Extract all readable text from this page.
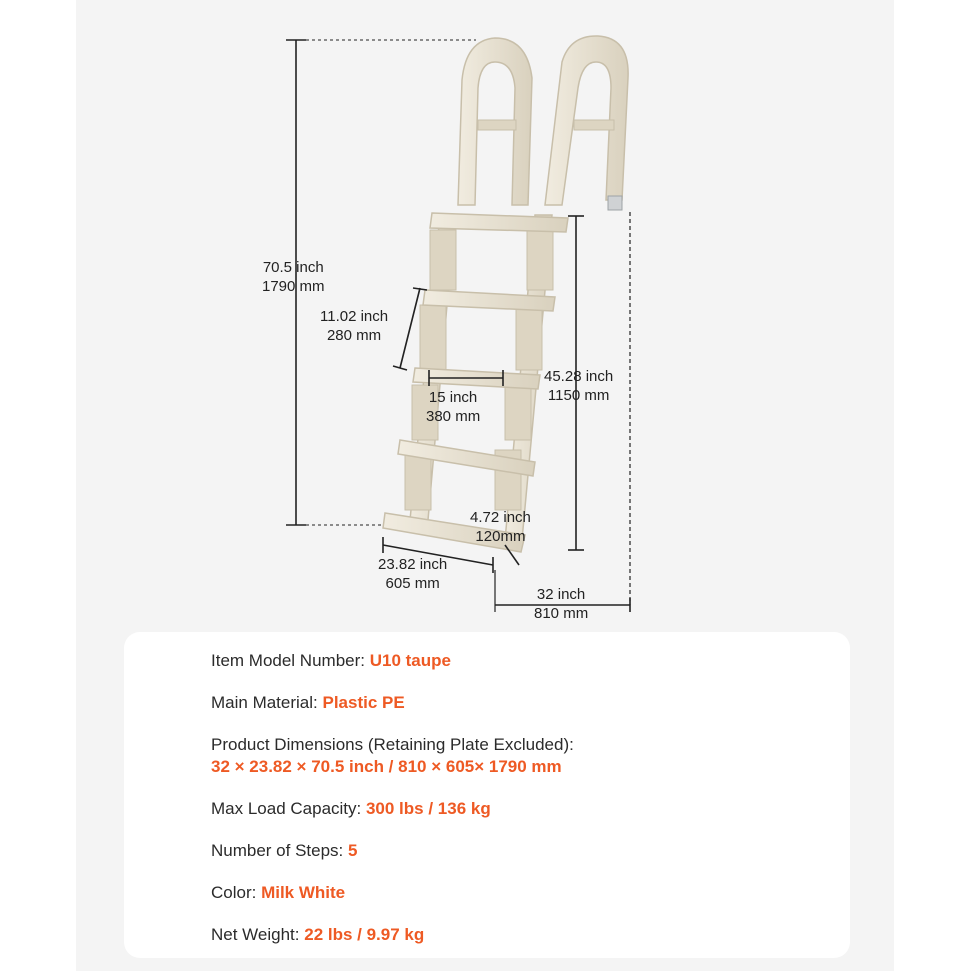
70.5 inch
1790 mm
11.02 inch
280 mm
15 inch
380 mm
45.28 inch
1150 mm
4.72 inch
120mm
23.82 inch
605 mm
32 inch
810 mm
Item Model Number: U10 taupe
Main Material: Plastic PE
Product Dimensions (Retaining Plate Excluded):
32 × 23.82 × 70.5 inch / 810 × 605× 1790 mm
Max Load Capacity: 300 lbs / 136 kg
Number of Steps: 5
Color: Milk White
Net Weight: 22 lbs / 9.97 kg
